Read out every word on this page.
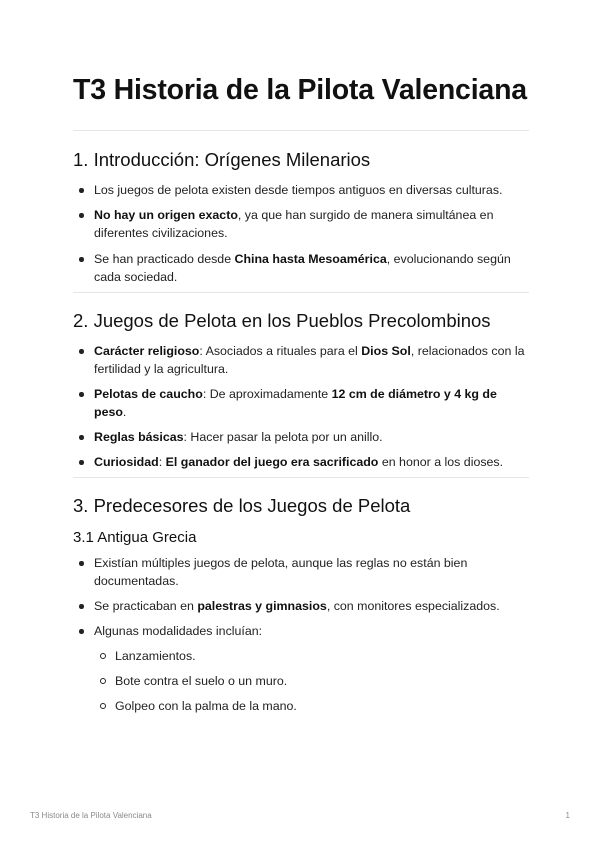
T3 Historia de la Pilota Valenciana
1. Introducción: Orígenes Milenarios
Los juegos de pelota existen desde tiempos antiguos en diversas culturas.
No hay un origen exacto, ya que han surgido de manera simultánea en diferentes civilizaciones.
Se han practicado desde China hasta Mesoamérica, evolucionando según cada sociedad.
2. Juegos de Pelota en los Pueblos Precolombinos
Carácter religioso: Asociados a rituales para el Dios Sol, relacionados con la fertilidad y la agricultura.
Pelotas de caucho: De aproximadamente 12 cm de diámetro y 4 kg de peso.
Reglas básicas: Hacer pasar la pelota por un anillo.
Curiosidad: El ganador del juego era sacrificado en honor a los dioses.
3. Predecesores de los Juegos de Pelota
3.1 Antigua Grecia
Existían múltiples juegos de pelota, aunque las reglas no están bien documentadas.
Se practicaban en palestras y gimnasios, con monitores especializados.
Algunas modalidades incluían:
Lanzamientos.
Bote contra el suelo o un muro.
Golpeo con la palma de la mano.
T3 Historia de la Pilota Valenciana	1
